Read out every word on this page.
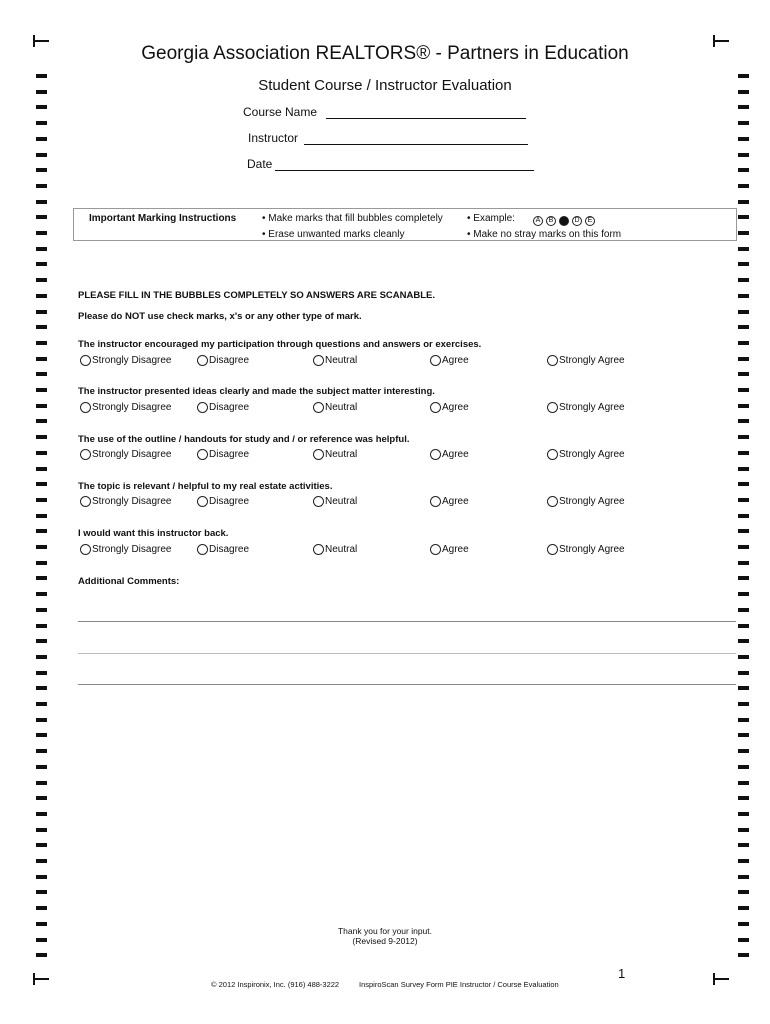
Georgia Association REALTORS® - Partners in Education
Student Course / Instructor Evaluation
Course Name
Instructor
Date
Important Marking Instructions	• Make marks that fill bubbles completely
• Erase unwanted marks cleanly
• Example:	A B	D E
• Make no stray marks on this form
PLEASE FILL IN THE BUBBLES COMPLETELY SO ANSWERS ARE SCANABLE.
Please do NOT use check marks, x's or any other type of mark.
The instructor encouraged my participation through questions and answers or exercises.
The instructor presented ideas clearly and made the subject matter interesting.
The use of the outline / handouts for study and / or reference was helpful.
The topic is relevant / helpful to my real estate activities.
I would want this instructor back.
Strongly Disagree	Disagree	Neutral	Agree	Strongly Agree
Strongly Disagree	Disagree	Neutral	Agree	Strongly Agree
Strongly Disagree	Disagree	Neutral	Agree	Strongly Agree
Strongly Disagree	Disagree	Neutral	Agree	Strongly Agree
Strongly Disagree	Disagree	Neutral	Agree	Strongly Agree
Additional Comments:
Thank you for your input.
(Revised 9-2012)
© 2012 Inspironix, Inc. (916) 488-3222	InspiroScan Survey Form PIE Instructor / Course Evaluation
1
